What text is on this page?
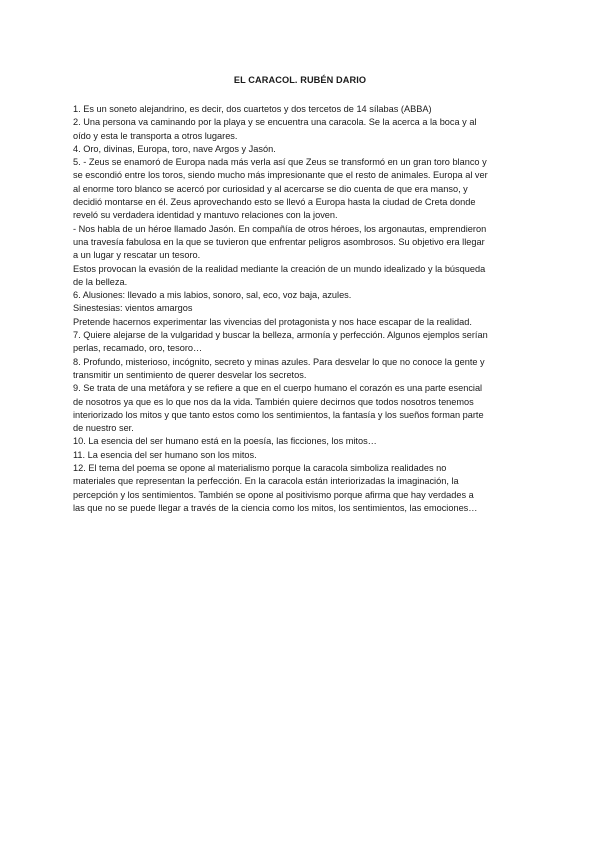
EL CARACOL. RUBÉN DARIO
1. Es un soneto alejandrino, es decir, dos cuartetos y dos tercetos de 14 sílabas (ABBA)
2. Una persona va caminando por la playa y se encuentra una caracola. Se la acerca a la boca y al
oído y esta le transporta a otros lugares.
4. Oro, divinas, Europa, toro, nave Argos y Jasón.
5. - Zeus se enamoró de Europa nada más verla así que Zeus se transformó en un gran toro blanco y
se escondió entre los toros, siendo mucho más impresionante que el resto de animales. Europa al ver
al enorme toro blanco se acercó por curiosidad y al acercarse se dio cuenta de que era manso, y
decidió montarse en él. Zeus aprovechando esto se llevó a Europa hasta la ciudad de Creta donde
reveló su verdadera identidad y mantuvo relaciones con la joven.
- Nos habla de un héroe llamado Jasón. En compañía de otros héroes, los argonautas, emprendieron
una travesía fabulosa en la que se tuvieron que enfrentar peligros asombrosos. Su objetivo era llegar
a un lugar y rescatar un tesoro.
Estos provocan la evasión de la realidad mediante la creación de un mundo idealizado y la búsqueda
de la belleza.
6. Alusiones: llevado a mis labios, sonoro, sal, eco, voz baja, azules.
Sinestesias: vientos amargos
Pretende hacernos experimentar las vivencias del protagonista y nos hace escapar de la realidad.
7. Quiere alejarse de la vulgaridad y buscar la belleza, armonía y perfección. Algunos ejemplos serían
perlas, recamado, oro, tesoro…
8. Profundo, misterioso, incógnito, secreto y minas azules. Para desvelar lo que no conoce la gente y
transmitir un sentimiento de querer desvelar los secretos.
9. Se trata de una metáfora y se refiere a que en el cuerpo humano el corazón es una parte esencial
de nosotros ya que es lo que nos da la vida. También quiere decirnos que todos nosotros tenemos
interiorizado los mitos y que tanto estos como los sentimientos, la fantasía y los sueños forman parte
de nuestro ser.
10. La esencia del ser humano está en la poesía, las ficciones, los mitos…
11. La esencia del ser humano son los mitos.
12. El tema del poema se opone al materialismo porque la caracola simboliza realidades no
materiales que representan la perfección. En la caracola están interiorizadas la imaginación, la
percepción y los sentimientos. También se opone al positivismo porque afirma que hay verdades a
las que no se puede llegar a través de la ciencia como los mitos, los sentimientos, las emociones…
